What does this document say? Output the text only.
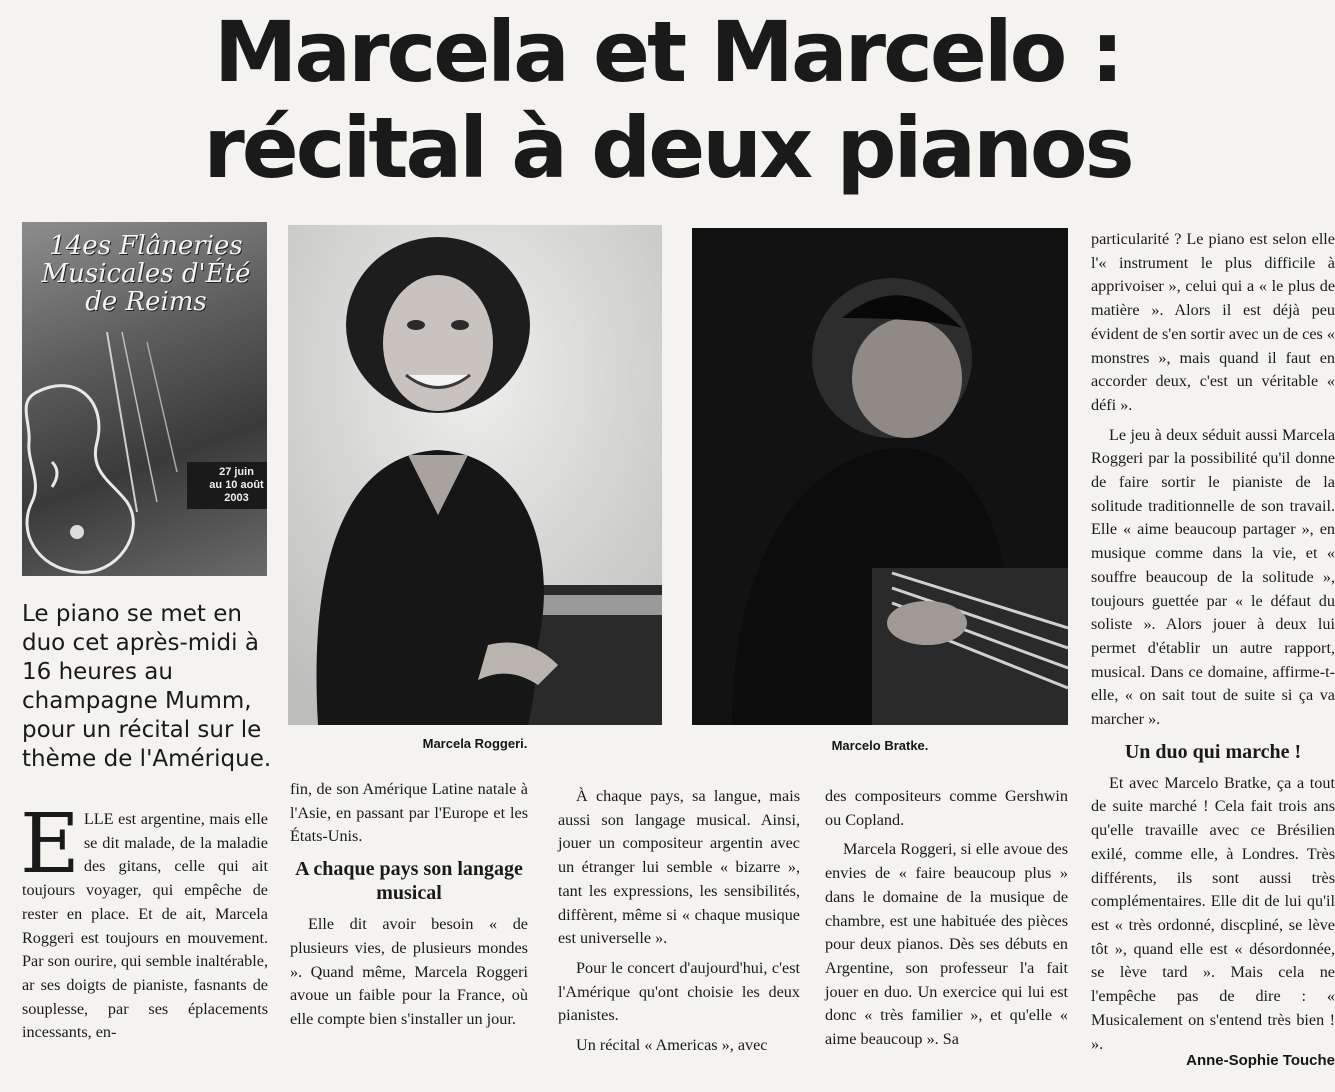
Marcela et Marcelo :
récital à deux pianos
14es Flâneries Musicales d'Été de Reims
27 juin
au 10 août
2003
Marcela Roggeri.	Marcelo Bratke.
Le piano se met en duo cet après-midi à 16 heures au champagne Mumm, pour un récital sur le thème de l'Amérique.
E LLE est argentine, mais elle se dit malade, de la maladie des gitans, celle qui ait toujours voyager, qui empêche de rester en place. Et de ait, Marcela Roggeri est toujours en mouvement. Par son ourire, qui semble inaltérable, ar ses doigts de pianiste, fasnants de souplesse, par ses éplacements incessants, en-

fin, de son Amérique Latine natale à l'Asie, en passant par l'Europe et les États-Unis.

A chaque pays son langage musical

Elle dit avoir besoin « de plusieurs vies, de plusieurs mondes ». Quand même, Marcela Roggeri avoue un faible pour la France, où elle compte bien s'installer un jour.

À chaque pays, sa langue, mais aussi son langage musical. Ainsi, jouer un compositeur argentin avec un étranger lui semble « bizarre », tant les expressions, les sensibilités, diffèrent, même si « chaque musique est universelle ».

Pour le concert d'aujourd'hui, c'est l'Amérique qu'ont choisie les deux pianistes.

Un récital « Americas », avec

des compositeurs comme Gershwin ou Copland.

Marcela Roggeri, si elle avoue des envies de « faire beaucoup plus » dans le domaine de la musique de chambre, est une habituée des pièces pour deux pianos. Dès ses débuts en Argentine, son professeur l'a fait jouer en duo. Un exercice qui lui est donc « très familier », et qu'elle « aime beaucoup ». Sa

particularité ? Le piano est selon elle l'« instrument le plus difficile à apprivoiser », celui qui a « le plus de matière ». Alors il est déjà peu évident de s'en sortir avec un de ces « monstres », mais quand il faut en accorder deux, c'est un véritable « défi ».

Le jeu à deux séduit aussi Marcela Roggeri par la possibilité qu'il donne de faire sortir le pianiste de la solitude traditionnelle de son travail. Elle « aime beaucoup partager », en musique comme dans la vie, et « souffre beaucoup de la solitude », toujours guettée par « le défaut du soliste ». Alors jouer à deux lui permet d'établir un autre rapport, musical. Dans ce domaine, affirme-t-elle, « on sait tout de suite si ça va marcher ».

Un duo qui marche !

Et avec Marcelo Bratke, ça a tout de suite marché ! Cela fait trois ans qu'elle travaille avec ce Brésilien exilé, comme elle, à Londres. Très différents, ils sont aussi très complémentaires. Elle dit de lui qu'il est « très ordonné, discpliné, se lève tôt », quand elle est « désordonnée, se lève tard ». Mais cela ne l'empêche pas de dire : « Musicalement on s'entend très bien ! ».

Anne-Sophie Touche
